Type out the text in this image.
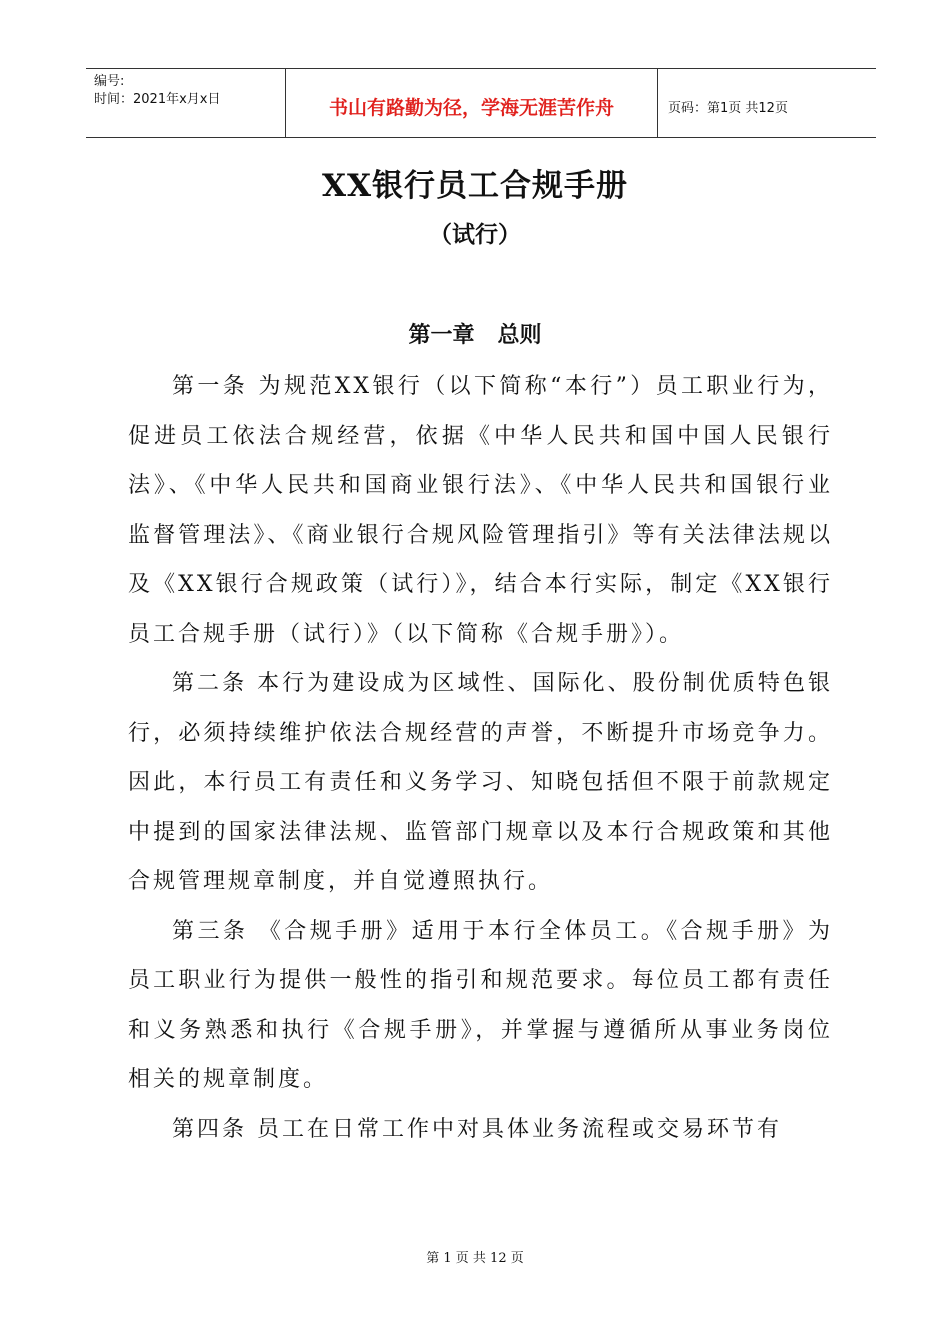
编号:
时间：2021年x月x日	书山有路勤为径，学海无涯苦作舟	页码：第1页 共12页
XX银行员工合规手册
（试行）
第一章   总则

第一条 为规范XX银行（以下简称“本行”）员工职业行为，促进员工依法合规经营，依据《中华人民共和国中国人民银行法》、《中华人民共和国商业银行法》、《中华人民共和国银行业监督管理法》、《商业银行合规风险管理指引》等有关法律法规以及《XX银行合规政策（试行）》，结合本行实际，制定《XX银行员工合规手册（试行）》（以下简称《合规手册》）。

第二条 本行为建设成为区域性、国际化、股份制优质特色银行，必须持续维护依法合规经营的声誉，不断提升市场竞争力。因此，本行员工有责任和义务学习、知晓包括但不限于前款规定中提到的国家法律法规、监管部门规章以及本行合规政策和其他合规管理规章制度，并自觉遵照执行。

第三条 《合规手册》适用于本行全体员工。《合规手册》为员工职业行为提供一般性的指引和规范要求。每位员工都有责任和义务熟悉和执行《合规手册》，并掌握与遵循所从事业务岗位相关的规章制度。

第四条 员工在日常工作中对具体业务流程或交易环节有

第 1 页 共 12 页
